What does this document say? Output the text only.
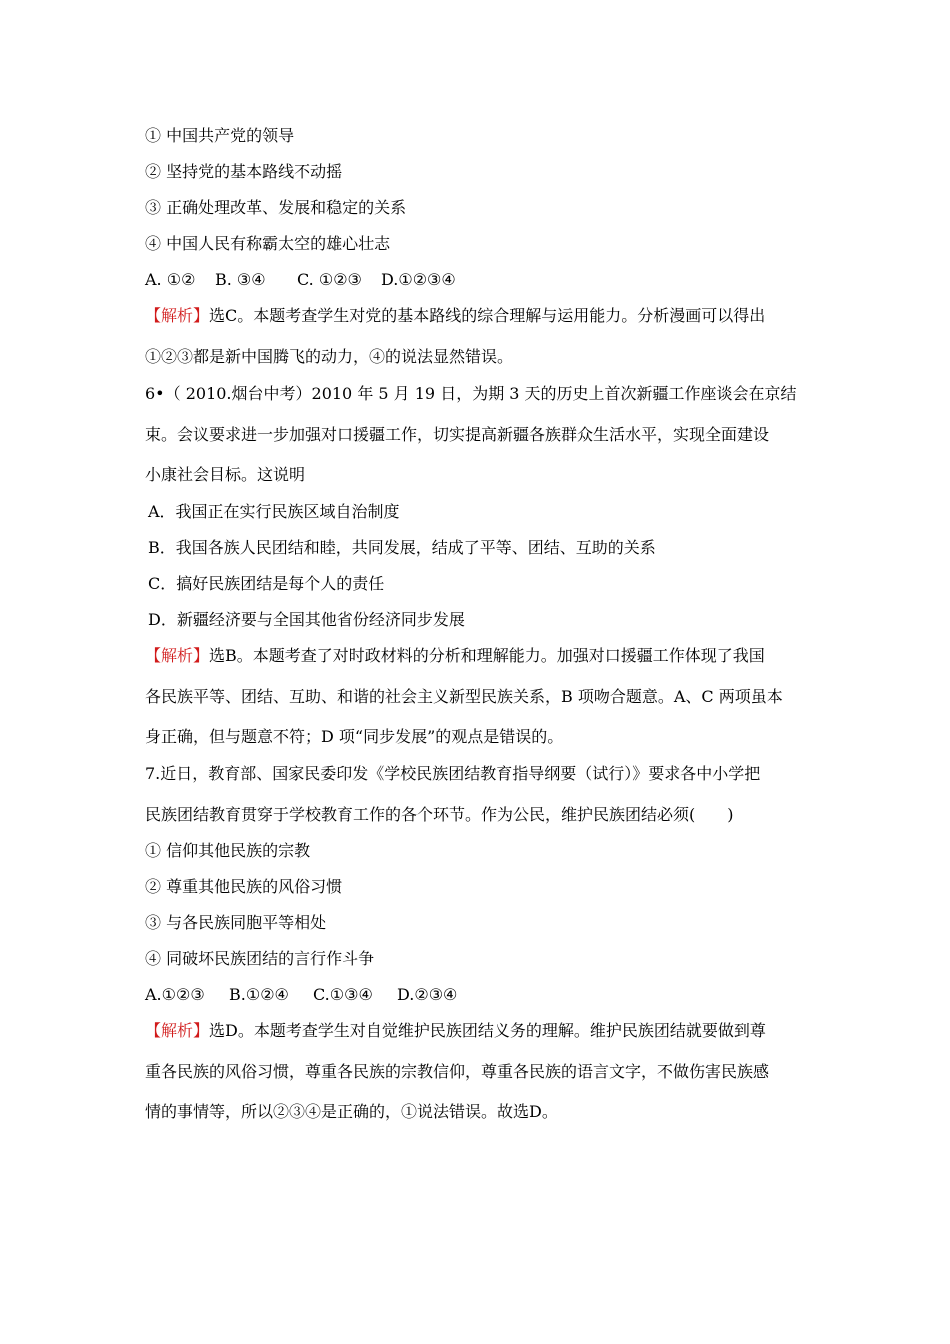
① 中国共产党的领导
② 坚持党的基本路线不动摇
③ 正确处理改革、发展和稳定的关系
④ 中国人民有称霸太空的雄心壮志
A. ①② B. ③④ C. ①②③ D.①②③④
【解析】选C。本题考查学生对党的基本路线的综合理解与运用能力。分析漫画可以得出
①②③都是新中国腾飞的动力，④的说法显然错误。
6•（ 2010.烟台中考）2010 年 5 月 19 日，为期 3 天的历史上首次新疆工作座谈会在京结
束。会议要求进一步加强对口援疆工作，切实提高新疆各族群众生活水平，实现全面建设
小康社会目标。这说明
A．我国正在实行民族区域自治制度
B．我国各族人民团结和睦，共同发展，结成了平等、团结、互助的关系
C．搞好民族团结是每个人的责任
D．新疆经济要与全国其他省份经济同步发展
【解析】选B。本题考查了对时政材料的分析和理解能力。加强对口援疆工作体现了我国
各民族平等、团结、互助、和谐的社会主义新型民族关系，B 项吻合题意。A、C 两项虽本
身正确，但与题意不符；D 项“同步发展”的观点是错误的。
7.近日，教育部、国家民委印发《学校民族团结教育指导纲要（试行）》要求各中小学把
民族团结教育贯穿于学校教育工作的各个环节。作为公民，维护民族团结必须(　　)
① 信仰其他民族的宗教
② 尊重其他民族的风俗习惯
③ 与各民族同胞平等相处
④ 同破坏民族团结的言行作斗争
A.①②③ B.①②④ C.①③④ D.②③④
【解析】选D。本题考查学生对自觉维护民族团结义务的理解。维护民族团结就要做到尊
重各民族的风俗习惯，尊重各民族的宗教信仰，尊重各民族的语言文字，不做伤害民族感
情的事情等，所以②③④是正确的，①说法错误。故选D。
